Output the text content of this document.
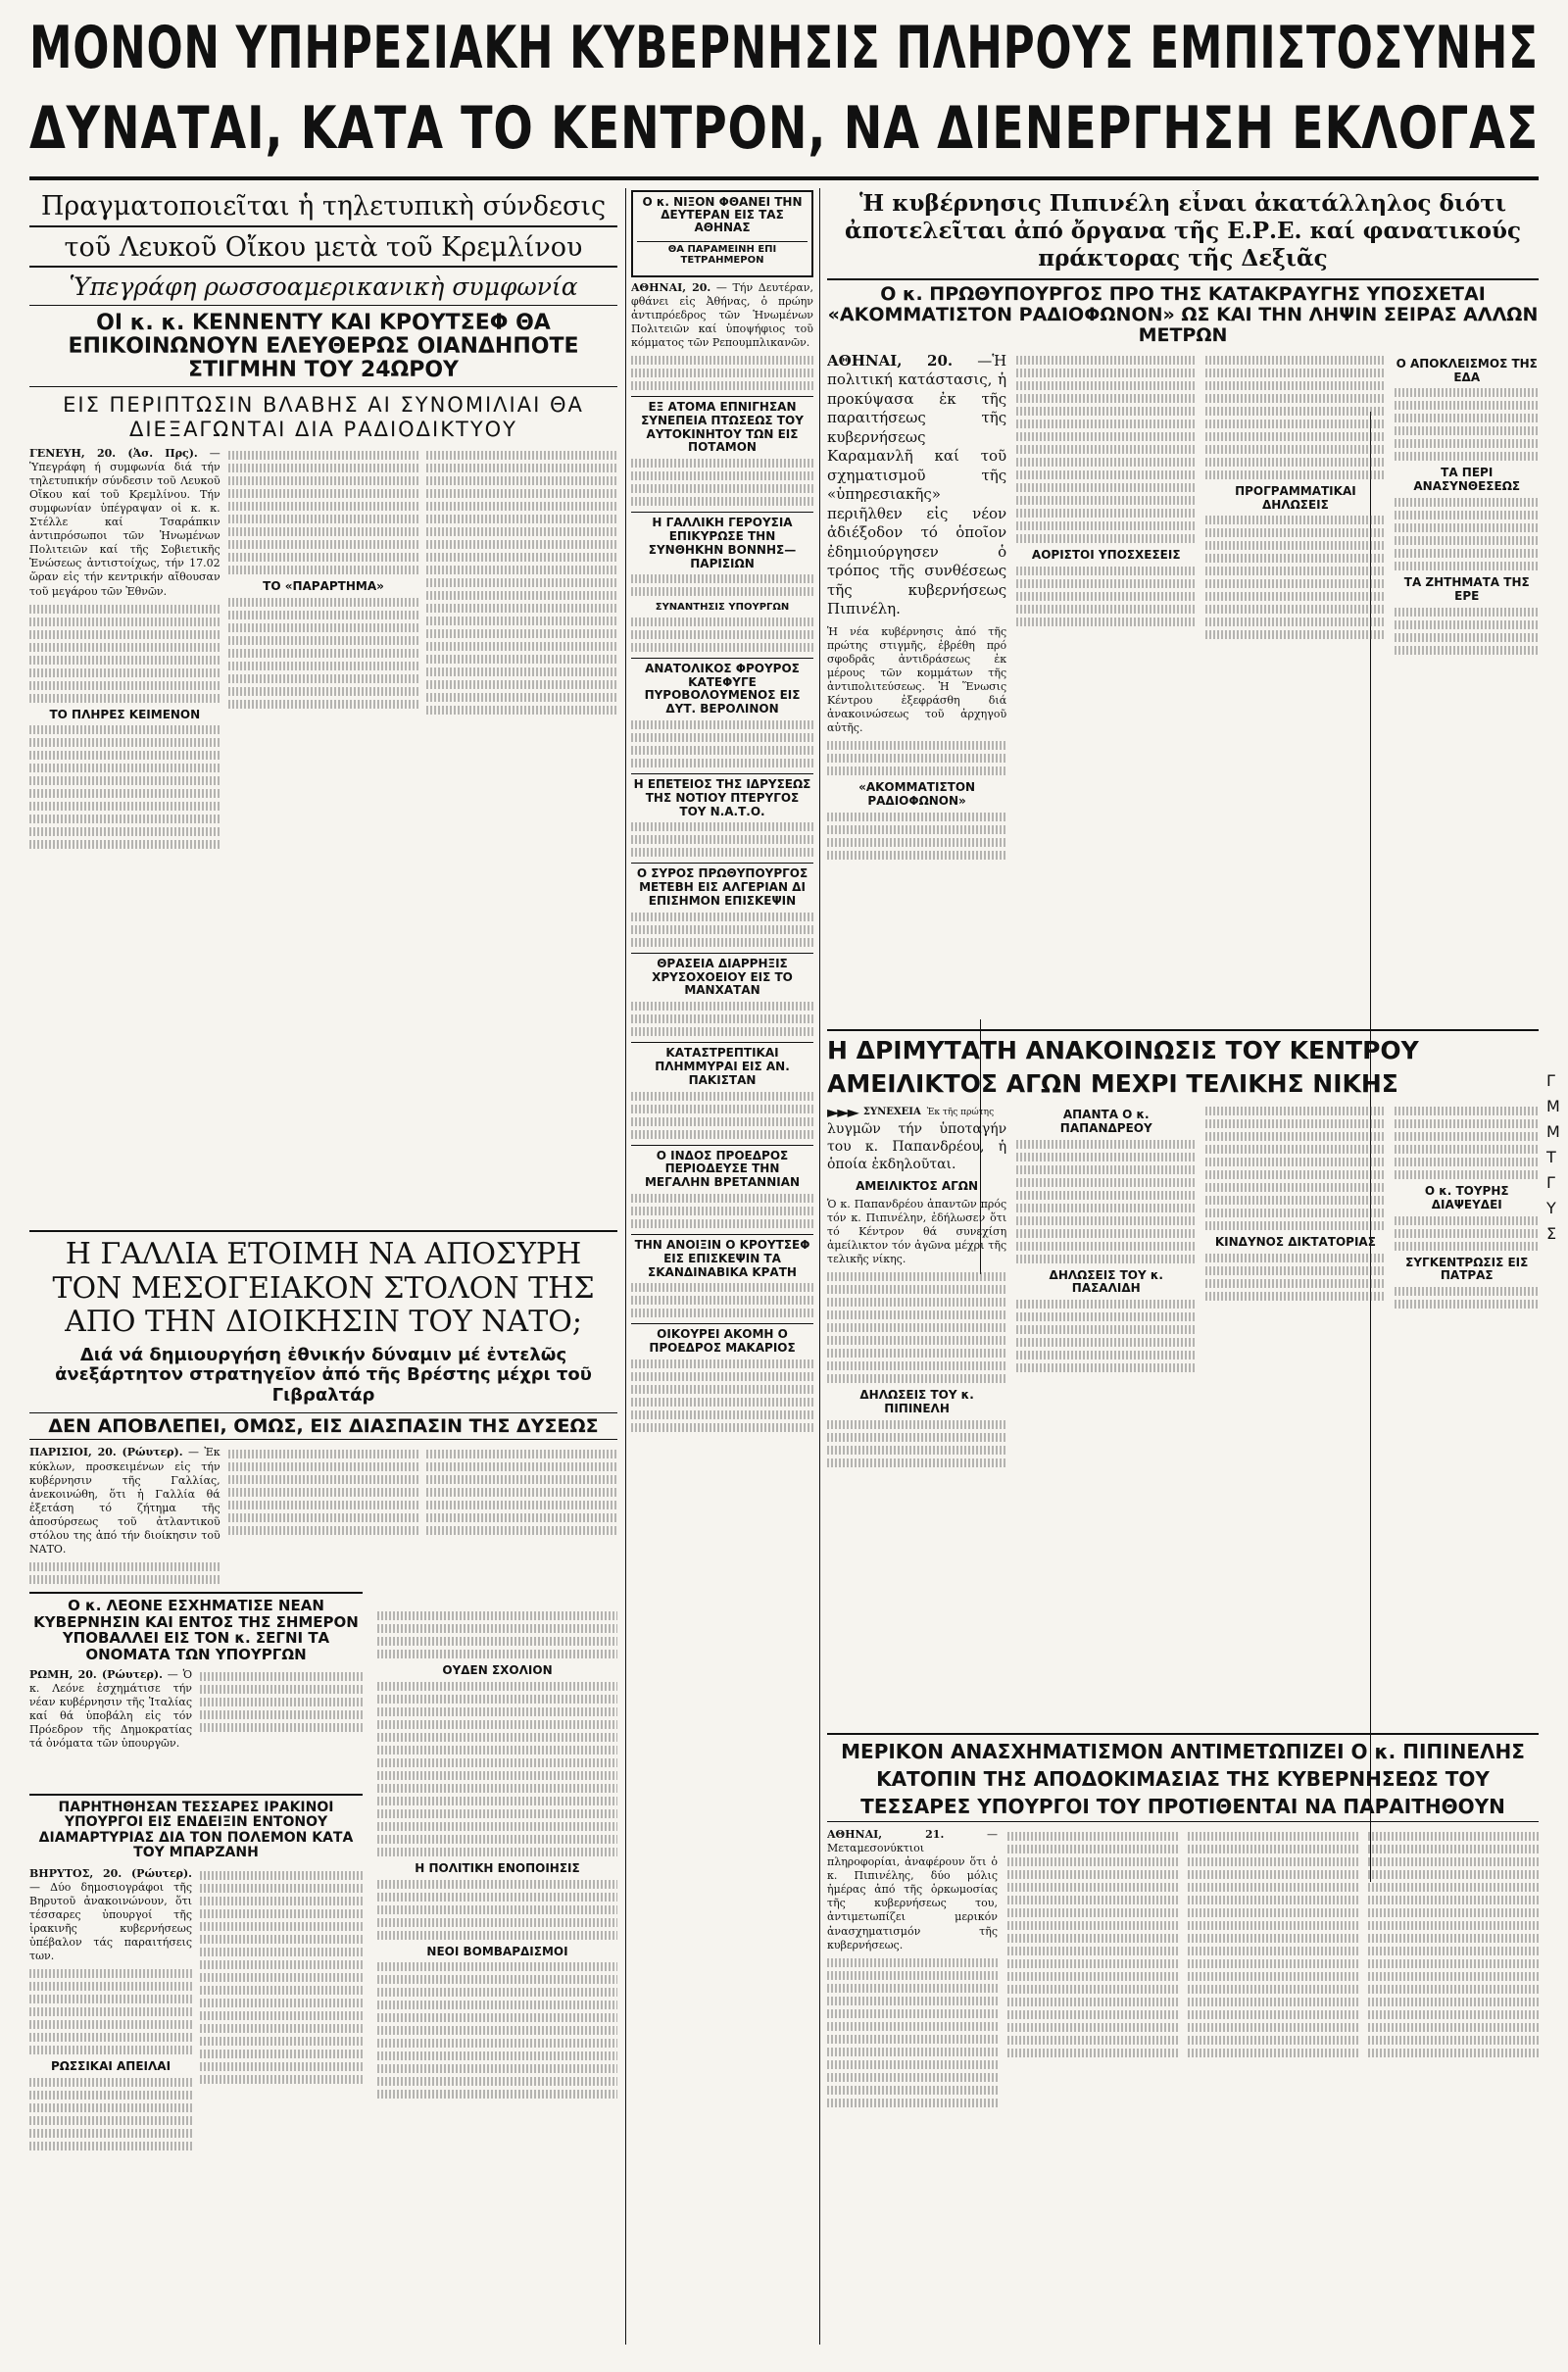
ΜΟΝΟΝ ΥΠΗΡΕΣΙΑΚΗ ΚΥΒΕΡΝΗΣΙΣ ΠΛΗΡΟΥΣ ΕΜΠΙΣΤΟΣΥΝΗΣ
ΔΥΝΑΤΑΙ, ΚΑΤΑ ΤΟ ΚΕΝΤΡΟΝ, ΝΑ ΔΙΕΝΕΡΓΗΣΗ ΕΚΛΟΓΑΣ
Πραγματοποιεῖται ἡ τηλετυπικὴ σύνδεσις
τοῦ Λευκοῦ Οἴκου μετὰ τοῦ Κρεμλίνου
Ὑπεγράφη ρωσσοαμερικανικὴ συμφωνία
ΟΙ κ. κ. ΚΕΝΝΕΝΤΥ ΚΑΙ ΚΡΟΥΤΣΕΦ ΘΑ ΕΠΙΚΟΙΝΩΝΟΥΝ ΕΛΕΥΘΕΡΩΣ ΟΙΑΝΔΗΠΟΤΕ ΣΤΙΓΜΗΝ ΤΟΥ 24ΩΡΟΥ
ΕΙΣ ΠΕΡΙΠΤΩΣΙΝ ΒΛΑΒΗΣ ΑΙ ΣΥΝΟΜΙΛΙΑΙ ΘΑ ΔΙΕΞΑΓΩΝΤΑΙ ΔΙΑ ΡΑΔΙΟΔΙΚΤΥΟΥ

ΓΕΝΕΥΗ, 20. (Ἀσ. Πρς). — Ὑπεγράφη ή συμφωνία διά τήν τηλετυπικήν σύνδεσιν τοῦ Λευκοῦ Οἴκου καί τοῦ Κρεμλίνου. Τήν συμφωνίαν ὑπέγραψαν οἱ κ. κ. Στέλλε καί Τσαράπκιν ἀντιπρόσωποι τῶν Ἡνωμένων Πολιτειῶν καί τῆς Σοβιετικῆς Ἑνώσεως ἀντιστοίχως, τήν 17.02 ὥραν εἰς τήν κεντρικήν αἴθουσαν τοῦ μεγάρου τῶν Ἐθνῶν.

ΤΟ ΠΛΗΡΕΣ ΚΕΙΜΕΝΟΝ
ΤΟ «ΠΑΡΑΡΤΗΜΑ»
Η ΓΑΛΛΙΑ ΕΤΟΙΜΗ ΝΑ ΑΠΟΣΥΡΗ ΤΟΝ ΜΕΣΟΓΕΙΑΚΟΝ ΣΤΟΛΟΝ ΤΗΣ ΑΠΟ ΤΗΝ ΔΙΟΙΚΗΣΙΝ ΤΟΥ ΝΑΤΟ;
Διά νά δημιουργήση ἐθνικήν δύναμιν μέ ἐντελῶς ἀνεξάρτητον στρατηγεῖον ἀπό τῆς Βρέστης μέχρι τοῦ Γιβραλτάρ
ΔΕΝ ΑΠΟΒΛΕΠΕΙ, ΟΜΩΣ, ΕΙΣ ΔΙΑΣΠΑΣΙΝ ΤΗΣ ΔΥΣΕΩΣ

ΠΑΡΙΣΙΟΙ, 20. (Ρώυτερ). — Ἐκ κύκλων, προσκειμένων εἰς τήν κυβέρνησιν τῆς Γαλλίας, ἀνεκοινώθη, ὅτι ἡ Γαλλία θά ἐξετάση τό ζήτημα τῆς ἀποσύρσεως τοῦ ἀτλαντικοῦ στόλου της ἀπό τήν διοίκησιν τοῦ ΝΑΤΟ.

Ο κ. ΛΕΟΝΕ ΕΣΧΗΜΑΤΙΣΕ ΝΕΑΝ ΚΥΒΕΡΝΗΣΙΝ ΚΑΙ ΕΝΤΟΣ ΤΗΣ ΣΗΜΕΡΟΝ ΥΠΟΒΑΛΛΕΙ ΕΙΣ ΤΟΝ κ. ΣΕΓΝΙ ΤΑ ΟΝΟΜΑΤΑ ΤΩΝ ΥΠΟΥΡΓΩΝ

ΡΩΜΗ, 20. (Ρώυτερ). — Ὁ κ. Λεόνε ἐσχημάτισε τήν νέαν κυβέρνησιν τῆς Ἰταλίας καί θά ὑποβάλη εἰς τόν Πρόεδρον τῆς Δημοκρατίας τά ὀνόματα τῶν ὑπουργῶν.

ΟΥΔΕΝ ΣΧΟΛΙΟΝ
Η ΠΟΛΙΤΙΚΗ ΕΝΟΠΟΙΗΣΙΣ
ΝΕΟΙ ΒΟΜΒΑΡΔΙΣΜΟΙ
ΠΑΡΗΤΗΘΗΣΑΝ ΤΕΣΣΑΡΕΣ ΙΡΑΚΙΝΟΙ ΥΠΟΥΡΓΟΙ ΕΙΣ ΕΝΔΕΙΞΙΝ ΕΝΤΟΝΟΥ ΔΙΑΜΑΡΤΥΡΙΑΣ ΔΙΑ ΤΟΝ ΠΟΛΕΜΟΝ ΚΑΤΑ ΤΟΥ ΜΠΑΡΖΑΝΗ

ΒΗΡΥΤΟΣ, 20. (Ρώυτερ). — Δύο δημοσιογράφοι τῆς Βηρυτοῦ ἀνακοινώνουν, ὅτι τέσσαρες ὑπουργοί τῆς ἰρακινῆς κυβερνήσεως ὑπέβαλον τάς παραιτήσεις των.

ΡΩΣΣΙΚΑΙ ΑΠΕΙΛΑΙ
Ο κ. ΝΙΞΟΝ ΦΘΑΝΕΙ ΤΗΝ ΔΕΥΤΕΡΑΝ ΕΙΣ ΤΑΣ ΑΘΗΝΑΣ
ΘΑ ΠΑΡΑΜΕΙΝΗ ΕΠΙ ΤΕΤΡΑΗΜΕΡΟΝ

ΑΘΗΝΑΙ, 20. — Τήν Δευτέραν, φθάνει εἰς Ἀθήνας, ὁ πρώην ἀντιπρόεδρος τῶν Ἡνωμένων Πολιτειῶν καί ὑποψήφιος τοῦ κόμματος τῶν Ρεπουμπλικανῶν.

ΕΞ ΑΤΟΜΑ ΕΠΝΙΓΗΣΑΝ ΣΥΝΕΠΕΙΑ ΠΤΩΣΕΩΣ ΤΟΥ ΑΥΤΟΚΙΝΗΤΟΥ ΤΩΝ ΕΙΣ ΠΟΤΑΜΟΝ
Η ΓΑΛΛΙΚΗ ΓΕΡΟΥΣΙΑ ΕΠΙΚΥΡΩΣΕ ΤΗΝ ΣΥΝΘΗΚΗΝ ΒΟΝΝΗΣ—ΠΑΡΙΣΙΩΝ
ΣΥΝΑΝΤΗΣΙΣ ΥΠΟΥΡΓΩΝ
ΑΝΑΤΟΛΙΚΟΣ ΦΡΟΥΡΟΣ ΚΑΤΕΦΥΓΕ ΠΥΡΟΒΟΛΟΥΜΕΝΟΣ ΕΙΣ ΔΥΤ. ΒΕΡΟΛΙΝΟΝ
Η ΕΠΕΤΕΙΟΣ ΤΗΣ ΙΔΡΥΣΕΩΣ ΤΗΣ ΝΟΤΙΟΥ ΠΤΕΡΥΓΟΣ ΤΟΥ Ν.Α.Τ.Ο.
Ο ΣΥΡΟΣ ΠΡΩΘΥΠΟΥΡΓΟΣ ΜΕΤΕΒΗ ΕΙΣ ΑΛΓΕΡΙΑΝ ΔΙ ΕΠΙΣΗΜΟΝ ΕΠΙΣΚΕΨΙΝ
ΘΡΑΣΕΙΑ ΔΙΑΡΡΗΞΙΣ ΧΡΥΣΟΧΟΕΙΟΥ ΕΙΣ ΤΟ ΜΑΝΧΑΤΑΝ
ΚΑΤΑΣΤΡΕΠΤΙΚΑΙ ΠΛΗΜΜΥΡΑΙ ΕΙΣ ΑΝ. ΠΑΚΙΣΤΑΝ
Ο ΙΝΔΟΣ ΠΡΟΕΔΡΟΣ ΠΕΡΙΟΔΕΥΣΕ ΤΗΝ ΜΕΓΑΛΗΝ ΒΡΕΤΑΝΝΙΑΝ
ΤΗΝ ΑΝΟΙΞΙΝ Ο ΚΡΟΥΤΣΕΦ ΕΙΣ ΕΠΙΣΚΕΨΙΝ ΤΑ ΣΚΑΝΔΙΝΑΒΙΚΑ ΚΡΑΤΗ
ΟΙΚΟΥΡΕΙ ΑΚΟΜΗ Ο ΠΡΟΕΔΡΟΣ ΜΑΚΑΡΙΟΣ
Ἡ κυβέρνησις Πιπινέλη εἶναι ἀκατάλληλος διότι ἀποτελεῖται ἀπό ὄργανα τῆς Ε.Ρ.Ε. καί φανατικούς πράκτορας τῆς Δεξιᾶς
Ο κ. ΠΡΩΘΥΠΟΥΡΓΟΣ ΠΡΟ ΤΗΣ ΚΑΤΑΚΡΑΥΓΗΣ ΥΠΟΣΧΕΤΑΙ «ΑΚΟΜΜΑΤΙΣΤΟΝ ΡΑΔΙΟΦΩΝΟΝ» ΩΣ ΚΑΙ ΤΗΝ ΛΗΨΙΝ ΣΕΙΡΑΣ ΑΛΛΩΝ ΜΕΤΡΩΝ

ΑΘΗΝΑΙ, 20. —Ἡ πολιτική κατάστασις, ἡ προκύψασα ἐκ τῆς παραιτήσεως τῆς κυβερνήσεως Καραμανλῆ καί τοῦ σχηματισμοῦ τῆς «ὑπηρεσιακῆς» περιῆλθεν εἰς νέον ἀδιέξοδον τό ὁποῖον ἐδημιούργησεν ὁ τρόπος τῆς συνθέσεως τῆς κυβερνήσεως Πιπινέλη.

Ἡ νέα κυβέρνησις ἀπό τῆς πρώτης στιγμῆς, ἐβρέθη πρό σφοδρᾶς ἀντιδράσεως ἐκ μέρους τῶν κομμάτων τῆς ἀντιπολιτεύσεως. Ἡ Ἕνωσις Κέντρου ἐξεφράσθη διά ἀνακοινώσεως τοῦ ἀρχηγοῦ αὐτῆς.

«ΑΚΟΜΜΑΤΙΣΤΟΝ ΡΑΔΙΟΦΩΝΟΝ»
ΑΟΡΙΣΤΟΙ ΥΠΟΣΧΕΣΕΙΣ
ΠΡΟΓΡΑΜΜΑΤΙΚΑΙ ΔΗΛΩΣΕΙΣ
Ο ΑΠΟΚΛΕΙΣΜΟΣ ΤΗΣ ΕΔΑ
ΤΑ ΠΕΡΙ ΑΝΑΣΥΝΘΕΣΕΩΣ
ΤΑ ΖΗΤΗΜΑΤΑ ΤΗΣ ΕΡΕ
Η ΔΡΙΜΥΤΑΤΗ ΑΝΑΚΟΙΝΩΣΙΣ ΤΟΥ ΚΕΝΤΡΟΥ
ΑΜΕΙΛΙΚΤΟΣ ΑΓΩΝ ΜΕΧΡΙ ΤΕΛΙΚΗΣ ΝΙΚΗΣ
►►► ΣΥΝΕΧΕΙΑ Ἐκ τῆς πρώτης

λυγμῶν τήν ὑποταγήν του κ. Παπανδρέου, ἡ ὁποία ἐκδηλοῦται.

ΑΜΕΙΛΙΚΤΟΣ ΑΓΩΝ

Ὁ κ. Παπανδρέου ἀπαντῶν πρός τόν κ. Πιπινέλην, ἐδήλωσεν ὅτι τό Κέντρον θά συνεχίση ἀμείλικτον τόν ἀγῶνα μέχρι τῆς τελικῆς νίκης.

ΔΗΛΩΣΕΙΣ ΤΟΥ κ. ΠΙΠΙΝΕΛΗ
ΑΠΑΝΤΑ Ο κ. ΠΑΠΑΝΔΡΕΟΥ
ΔΗΛΩΣΕΙΣ ΤΟΥ κ. ΠΑΣΑΛΙΔΗ
ΚΙΝΔΥΝΟΣ ΔΙΚΤΑΤΟΡΙΑΣ
Ο κ. ΤΟΥΡΗΣ ΔΙΑΨΕΥΔΕΙ
ΣΥΓΚΕΝΤΡΩΣΙΣ ΕΙΣ ΠΑΤΡΑΣ
ΜΕΡΙΚΟΝ ΑΝΑΣΧΗΜΑΤΙΣΜΟΝ ΑΝΤΙΜΕΤΩΠΙΖΕΙ Ο κ. ΠΙΠΙΝΕΛΗΣ
ΚΑΤΟΠΙΝ ΤΗΣ ΑΠΟΔΟΚΙΜΑΣΙΑΣ ΤΗΣ ΚΥΒΕΡΝΗΣΕΩΣ ΤΟΥ
ΤΕΣΣΑΡΕΣ ΥΠΟΥΡΓΟΙ ΤΟΥ ΠΡΟΤΙΘΕΝΤΑΙ ΝΑ ΠΑΡΑΙΤΗΘΟΥΝ

ΑΘΗΝΑΙ, 21.	— Μεταμεσονύκτιοι πληροφορίαι, ἀναφέρουν ὅτι ὁ κ. Πιπινέλης, δύο μόλις ἡμέρας ἀπό τῆς ὁρκωμοσίας τῆς κυβερνήσεως του, ἀντιμετωπίζει μερικόν ἀνασχηματισμόν τῆς κυβερνήσεως.

Γ
Μ
Μ
Τ
Γ
Υ
Σ
